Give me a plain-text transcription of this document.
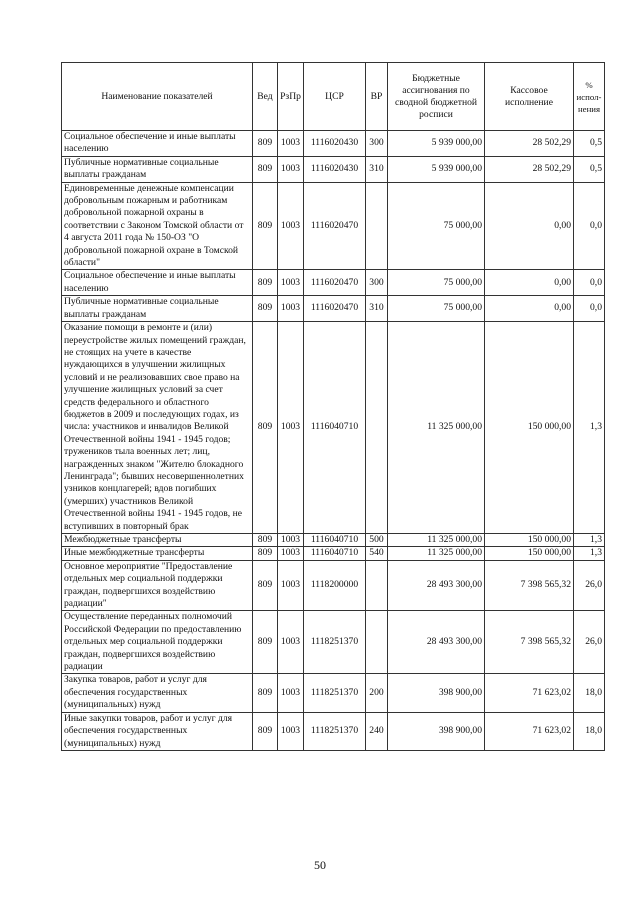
Наименование показателей	Вед	РзПр	ЦСР	ВР	Бюджетные ассигнования по сводной бюджетной росписи	Кассовое исполнение	% испол-нения
Социальное обеспечение и иные выплаты населению	809	1003	1116020430	300	5 939 000,00	28 502,29	0,5
Публичные нормативные социальные выплаты гражданам	809	1003	1116020430	310	5 939 000,00	28 502,29	0,5
Единовременные денежные компенсации добровольным пожарным и работникам добровольной пожарной охраны в соответствии с Законом Томской области от 4 августа 2011 года № 150-ОЗ "О добровольной пожарной охране в Томской области"	809	1003	1116020470		75 000,00	0,00	0,0
Социальное обеспечение и иные выплаты населению	809	1003	1116020470	300	75 000,00	0,00	0,0
Публичные нормативные социальные выплаты гражданам	809	1003	1116020470	310	75 000,00	0,00	0,0
Оказание помощи в ремонте и (или) переустройстве жилых помещений граждан, не стоящих на учете в качестве нуждающихся в улучшении жилищных условий и не реализовавших свое право на улучшение жилищных условий за счет средств федерального и областного бюджетов в 2009 и последующих годах, из числа: участников и инвалидов Великой Отечественной войны 1941 - 1945 годов; тружеников тыла военных лет; лиц, награжденных знаком "Жителю блокадного Ленинграда"; бывших несовершеннолетних узников концлагерей; вдов погибших (умерших) участников Великой Отечественной войны 1941 - 1945 годов, не вступивших в повторный брак	809	1003	1116040710		11 325 000,00	150 000,00	1,3
Межбюджетные трансферты	809	1003	1116040710	500	11 325 000,00	150 000,00	1,3
Иные межбюджетные трансферты	809	1003	1116040710	540	11 325 000,00	150 000,00	1,3
Основное мероприятие "Предоставление отдельных мер социальной поддержки граждан, подвергшихся воздействию радиации"	809	1003	1118200000		28 493 300,00	7 398 565,32	26,0
Осуществление переданных полномочий Российской Федерации по предоставлению отдельных мер социальной поддержки граждан, подвергшихся воздействию радиации	809	1003	1118251370		28 493 300,00	7 398 565,32	26,0
Закупка товаров, работ и услуг для обеспечения государственных (муниципальных) нужд	809	1003	1118251370	200	398 900,00	71 623,02	18,0
Иные закупки товаров, работ и услуг для обеспечения государственных (муниципальных) нужд	809	1003	1118251370	240	398 900,00	71 623,02	18,0
50
